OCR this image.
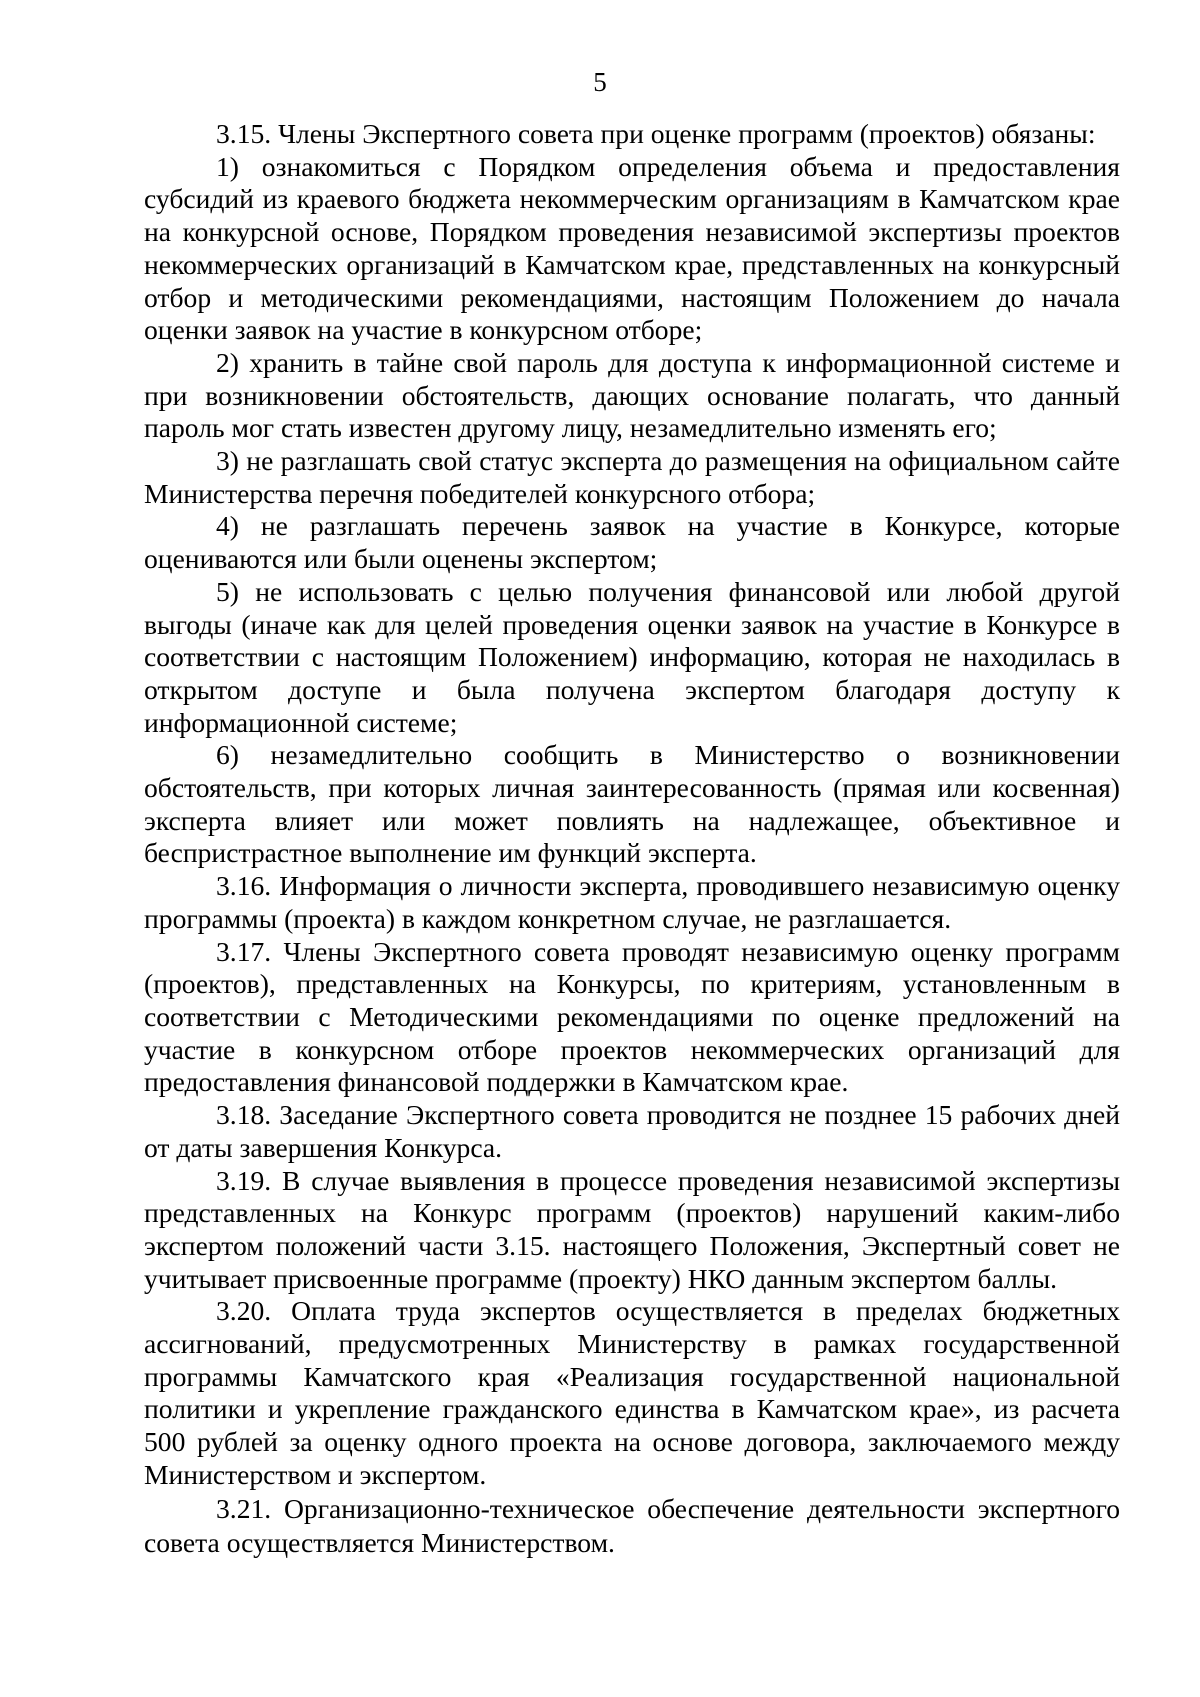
5

3.15. Члены Экспертного совета при оценке программ (проектов) обязаны:

1) ознакомиться с Порядком определения объема и предоставления субсидий из краевого бюджета некоммерческим организациям в Камчатском крае на конкурсной основе, Порядком проведения независимой экспертизы проектов некоммерческих организаций в Камчатском крае, представленных на конкурсный отбор и методическими рекомендациями, настоящим Положением до начала оценки заявок на участие в конкурсном отборе;

2) хранить в тайне свой пароль для доступа к информационной системе и при возникновении обстоятельств, дающих основание полагать, что данный пароль мог стать известен другому лицу, незамедлительно изменять его;

3) не разглашать свой статус эксперта до размещения на официальном сайте Министерства перечня победителей конкурсного отбора;

4) не разглашать перечень заявок на участие в Конкурсе, которые оцениваются или были оценены экспертом;

5) не использовать с целью получения финансовой или любой другой выгоды (иначе как для целей проведения оценки заявок на участие в Конкурсе в соответствии с настоящим Положением) информацию, которая не находилась в открытом доступе и была получена экспертом благодаря доступу к информационной системе;

6) незамедлительно сообщить в Министерство о возникновении обстоятельств, при которых личная заинтересованность (прямая или косвенная) эксперта влияет или может повлиять на надлежащее, объективное и беспристрастное выполнение им функций эксперта.

3.16. Информация о личности эксперта, проводившего независимую оценку программы (проекта) в каждом конкретном случае, не разглашается.

3.17. Члены Экспертного совета проводят независимую оценку программ (проектов), представленных на Конкурсы, по критериям, установленным в соответствии с Методическими рекомендациями по оценке предложений на участие в конкурсном отборе проектов некоммерческих организаций для предоставления финансовой поддержки в Камчатском крае.

3.18. Заседание Экспертного совета проводится не позднее 15 рабочих дней от даты завершения Конкурса.

3.19. В случае выявления в процессе проведения независимой экспертизы представленных на Конкурс программ (проектов) нарушений каким-либо экспертом положений части 3.15. настоящего Положения, Экспертный совет не учитывает присвоенные программе (проекту) НКО данным экспертом баллы.

3.20. Оплата труда экспертов осуществляется в пределах бюджетных ассигнований, предусмотренных Министерству в рамках государственной программы Камчатского края «Реализация государственной национальной политики и укрепление гражданского единства в Камчатском крае», из расчета 500 рублей за оценку одного проекта на основе договора, заключаемого между Министерством и экспертом.

3.21. Организационно-техническое обеспечение деятельности экспертного совета осуществляется Министерством.
